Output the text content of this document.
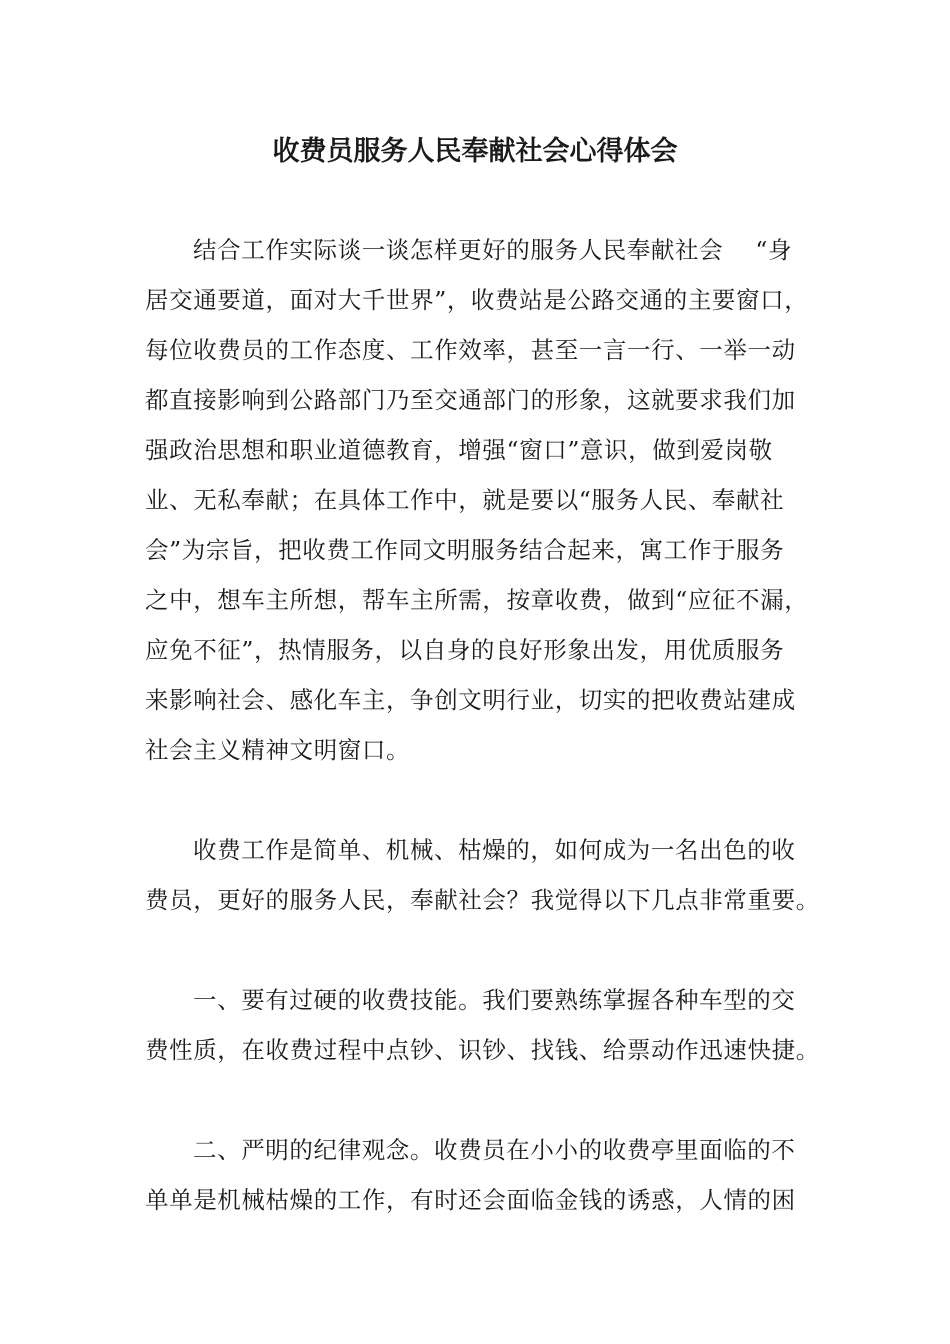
收费员服务人民奉献社会心得体会

结合工作实际谈一谈怎样更好的服务人民奉献社会　 “身

居交通要道，面对大千世界”，收费站是公路交通的主要窗口，

每位收费员的工作态度、工作效率，甚至一言一行、一举一动

都直接影响到公路部门乃至交通部门的形象，这就要求我们加

强政治思想和职业道德教育，增强“窗口”意识，做到爱岗敬

业、无私奉献；在具体工作中，就是要以“服务人民、奉献社

会”为宗旨，把收费工作同文明服务结合起来，寓工作于服务

之中，想车主所想，帮车主所需，按章收费，做到“应征不漏，

应免不征”，热情服务，以自身的良好形象出发，用优质服务

来影响社会、感化车主，争创文明行业，切实的把收费站建成

社会主义精神文明窗口。

收费工作是简单、机械、枯燥的，如何成为一名出色的收

费员，更好的服务人民，奉献社会？我觉得以下几点非常重要。

一、要有过硬的收费技能。我们要熟练掌握各种车型的交

费性质，在收费过程中点钞、识钞、找钱、给票动作迅速快捷。

二、严明的纪律观念。收费员在小小的收费亭里面临的不

单单是机械枯燥的工作，有时还会面临金钱的诱惑，人情的困
